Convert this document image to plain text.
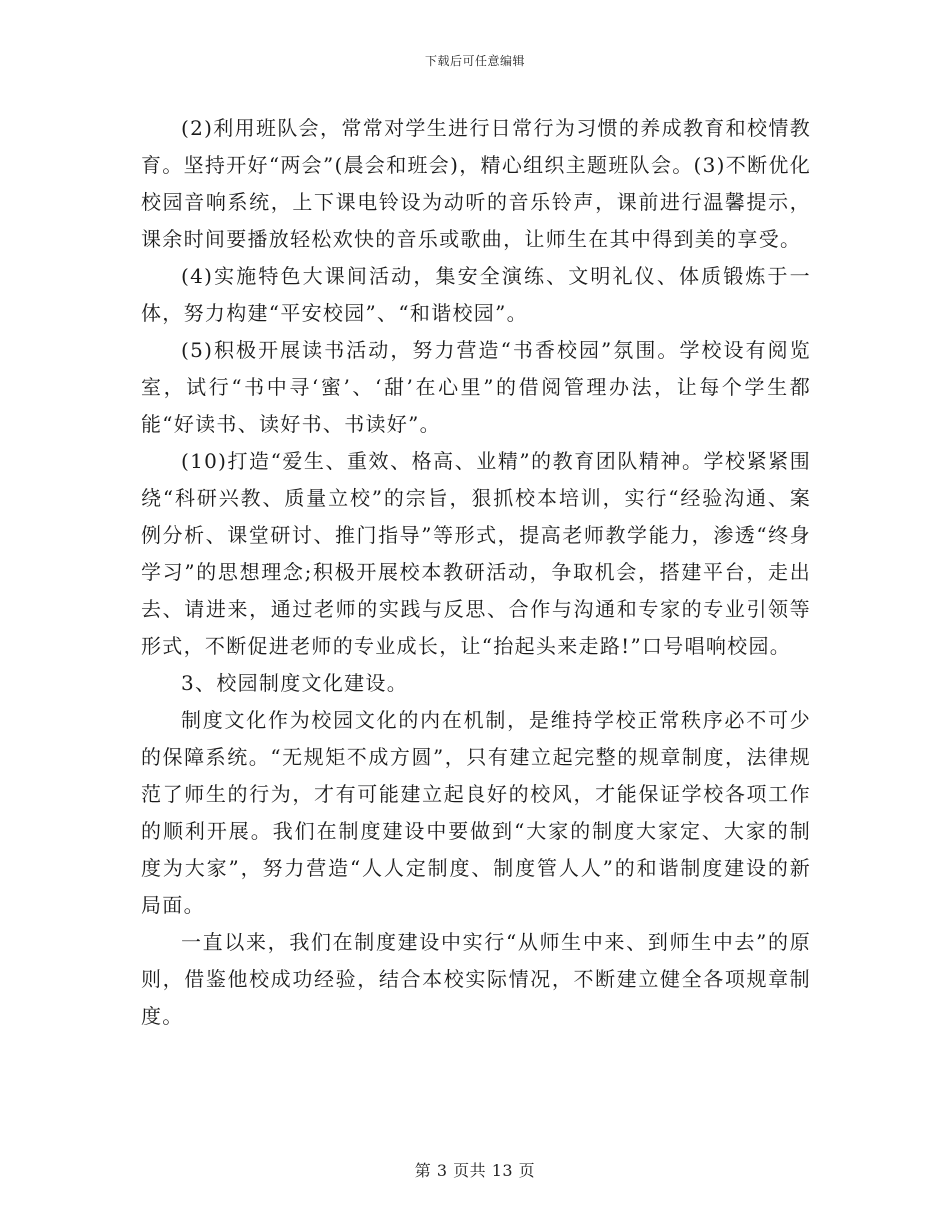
下载后可任意编辑

(2)利用班队会，常常对学生进行日常行为习惯的养成教育和校情教育。坚持开好“两会”(晨会和班会)，精心组织主题班队会。(3)不断优化校园音响系统，上下课电铃设为动听的音乐铃声，课前进行温馨提示，课余时间要播放轻松欢快的音乐或歌曲，让师生在其中得到美的享受。

(4)实施特色大课间活动，集安全演练、文明礼仪、体质锻炼于一体，努力构建“平安校园”、“和谐校园”。

(5)积极开展读书活动，努力营造“书香校园”氛围。学校设有阅览室，试行“书中寻‘蜜’、‘甜’在心里”的借阅管理办法，让每个学生都能“好读书、读好书、书读好”。

(10)打造“爱生、重效、格高、业精”的教育团队精神。学校紧紧围绕“科研兴教、质量立校”的宗旨，狠抓校本培训，实行“经验沟通、案例分析、课堂研讨、推门指导”等形式，提高老师教学能力，渗透“终身学习”的思想理念;积极开展校本教研活动，争取机会，搭建平台，走出去、请进来，通过老师的实践与反思、合作与沟通和专家的专业引领等形式，不断促进老师的专业成长，让“抬起头来走路!”口号唱响校园。

3、校园制度文化建设。

制度文化作为校园文化的内在机制，是维持学校正常秩序必不可少的保障系统。“无规矩不成方圆”，只有建立起完整的规章制度，法律规范了师生的行为，才有可能建立起良好的校风，才能保证学校各项工作的顺利开展。我们在制度建设中要做到“大家的制度大家定、大家的制度为大家”，努力营造“人人定制度、制度管人人”的和谐制度建设的新局面。

一直以来，我们在制度建设中实行“从师生中来、到师生中去”的原则，借鉴他校成功经验，结合本校实际情况，不断建立健全各项规章制度。

第 3 页共 13 页
